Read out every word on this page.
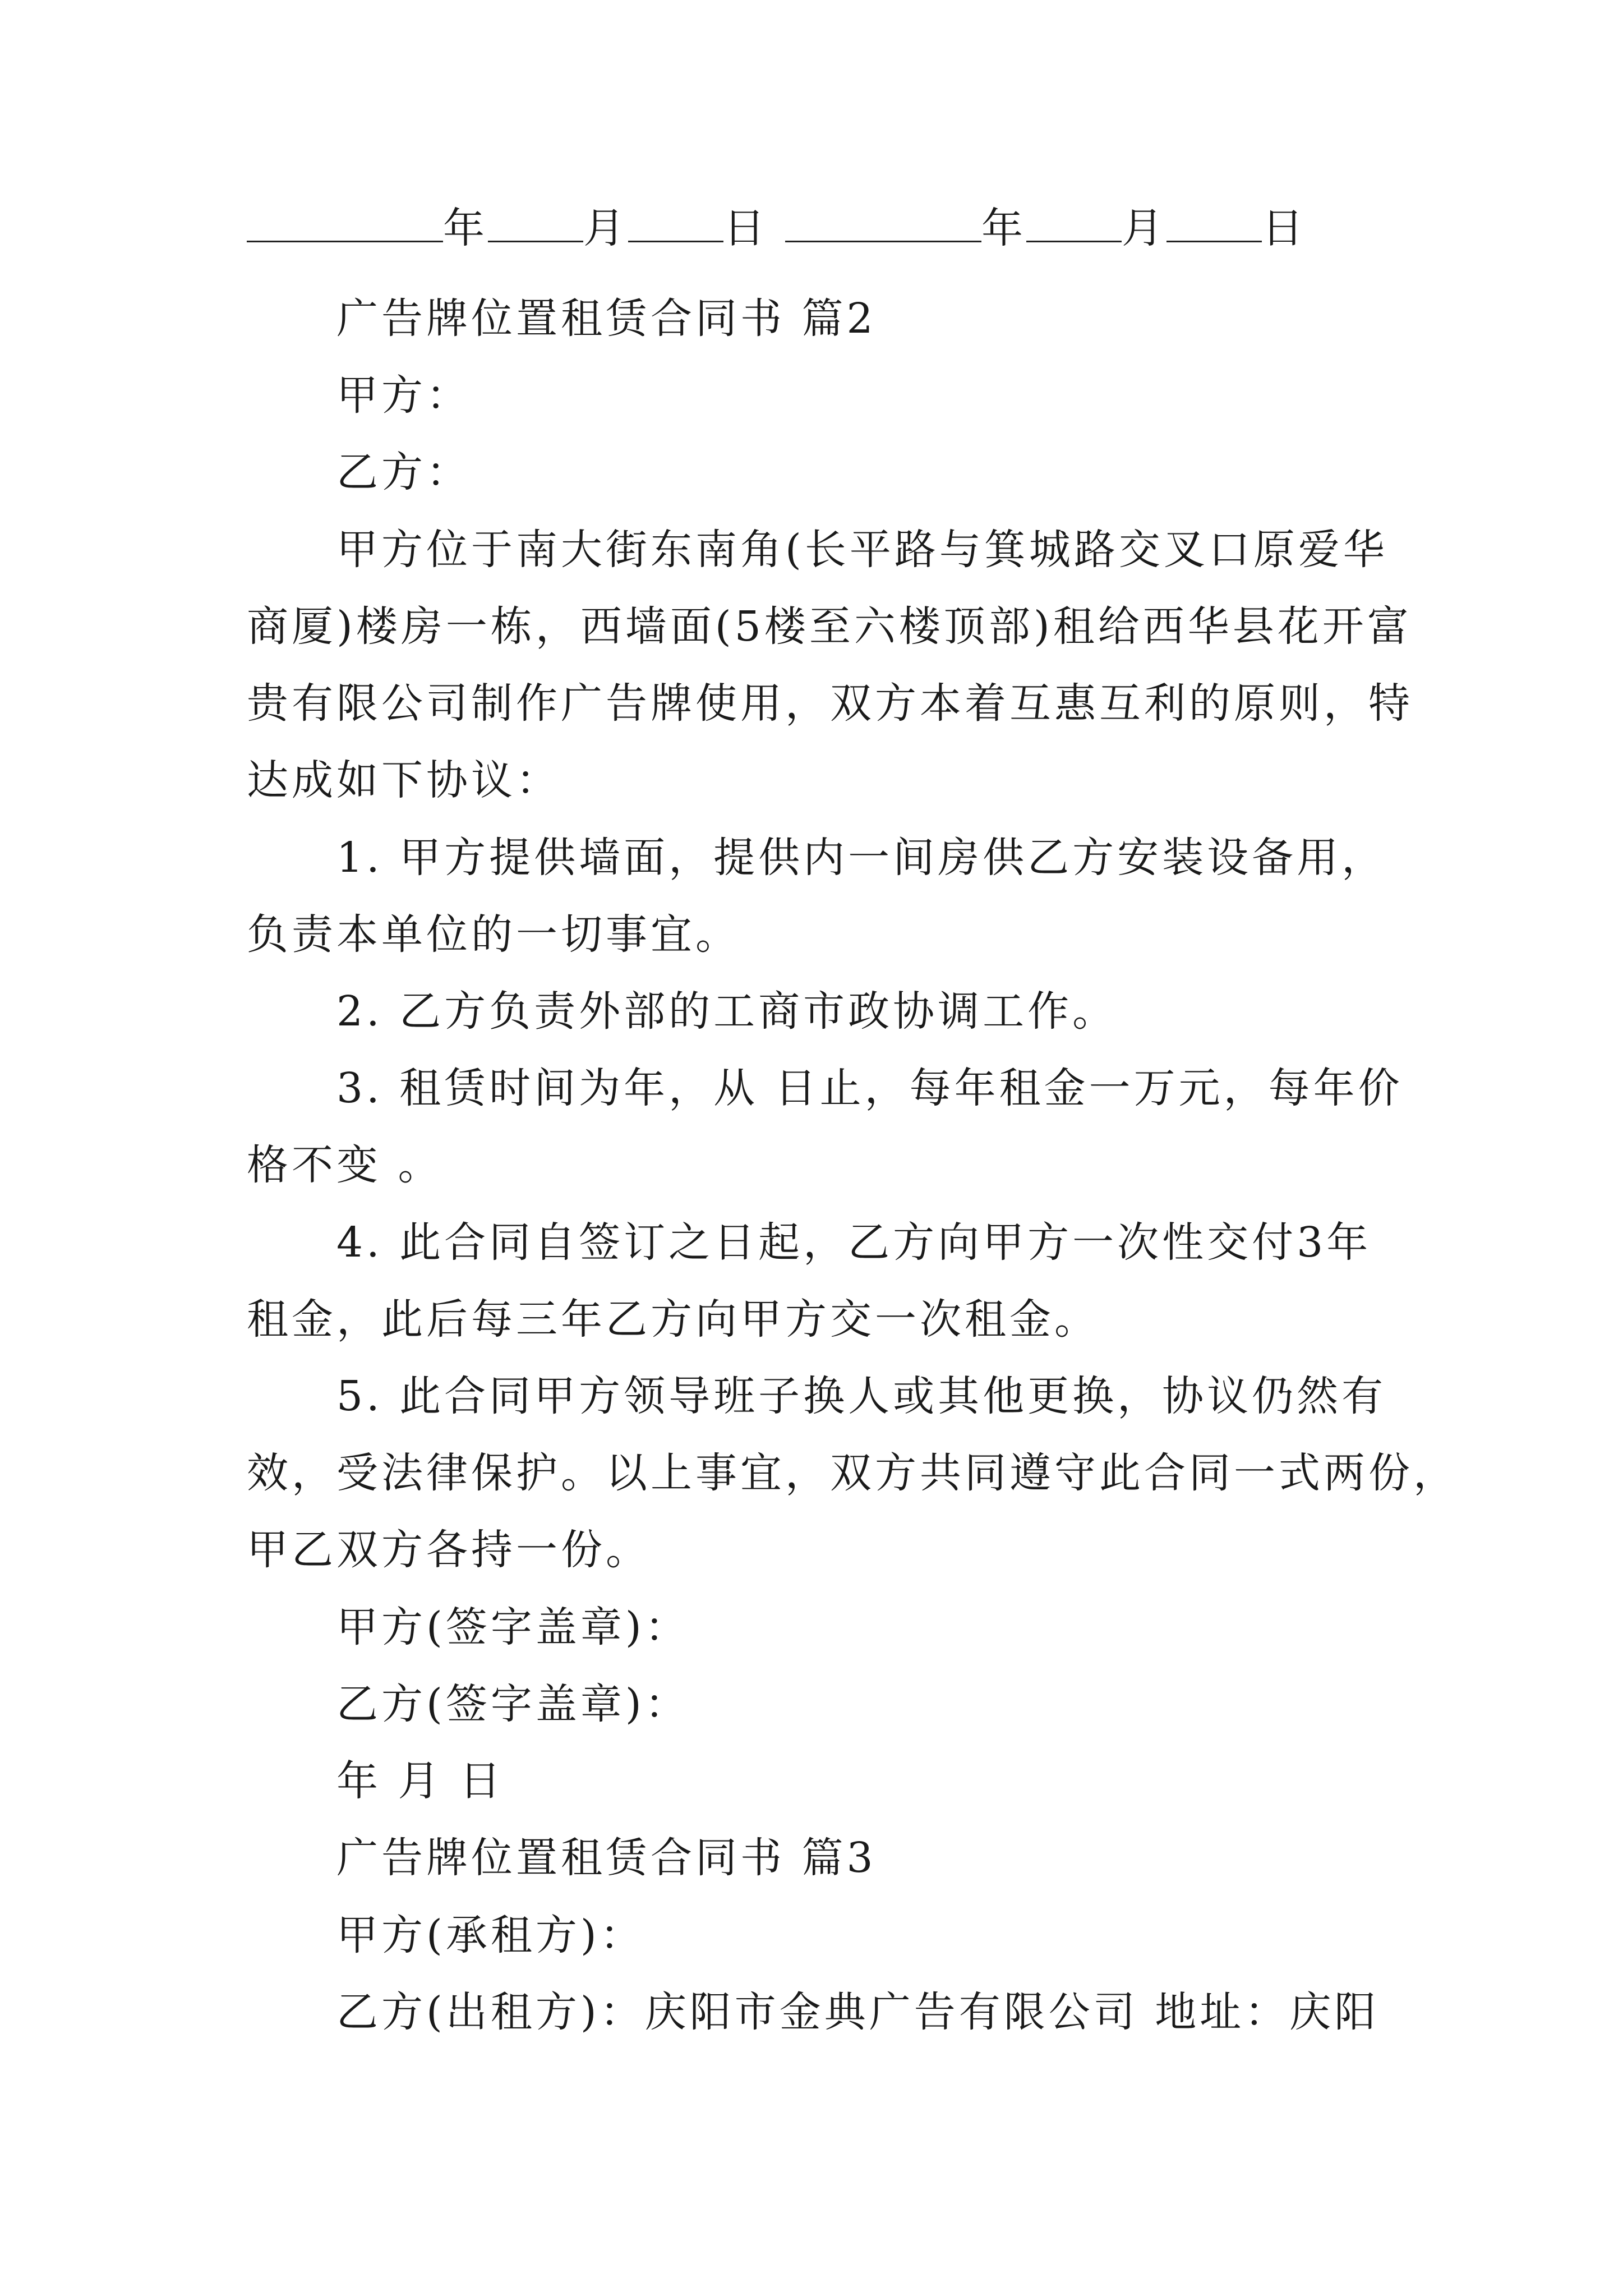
年 月 日	年 月 日
广告牌位置租赁合同书 篇2
甲方：
乙方：
甲方位于南大街东南角(长平路与箕城路交叉口原爱华
商厦)楼房一栋，西墙面(5楼至六楼顶部)租给西华县花开富
贵有限公司制作广告牌使用，双方本着互惠互利的原则，特
达成如下协议：
1. 甲方提供墙面，提供内一间房供乙方安装设备用，
负责本单位的一切事宜。
2. 乙方负责外部的工商市政协调工作。
3. 租赁时间为年，从 日止，每年租金一万元，每年价
格不变 。
4. 此合同自签订之日起，乙方向甲方一次性交付3年
租金，此后每三年乙方向甲方交一次租金。
5. 此合同甲方领导班子换人或其他更换，协议仍然有
效，受法律保护。以上事宜，双方共同遵守此合同一式两份，
甲乙双方各持一份。
甲方(签字盖章)：
乙方(签字盖章)：
年 月 日
广告牌位置租赁合同书 篇3
甲方(承租方)：
乙方(出租方)：庆阳市金典广告有限公司 地址：庆阳
